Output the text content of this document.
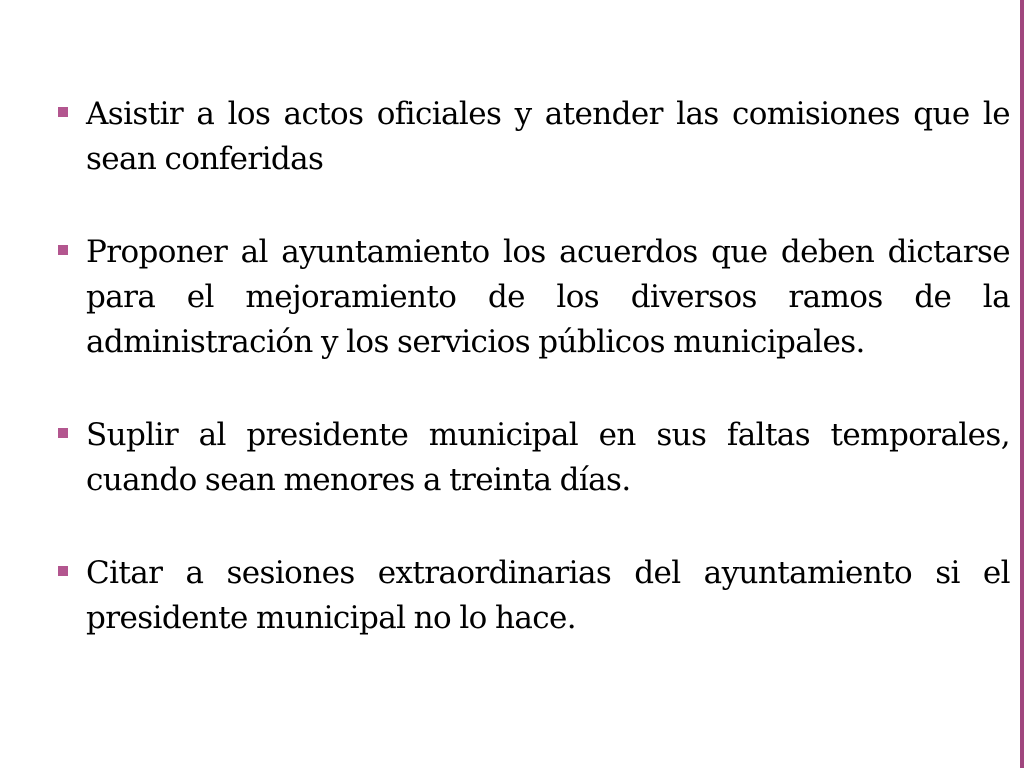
Asistir a los actos oficiales y atender las comisiones que le sean conferidas
Proponer al ayuntamiento los acuerdos que deben dictarse para el mejoramiento de los diversos ramos de la administración y los servicios públicos municipales.
Suplir al presidente municipal en sus faltas temporales, cuando sean menores a treinta días.
Citar a sesiones extraordinarias del ayuntamiento si el presidente municipal no lo hace.
